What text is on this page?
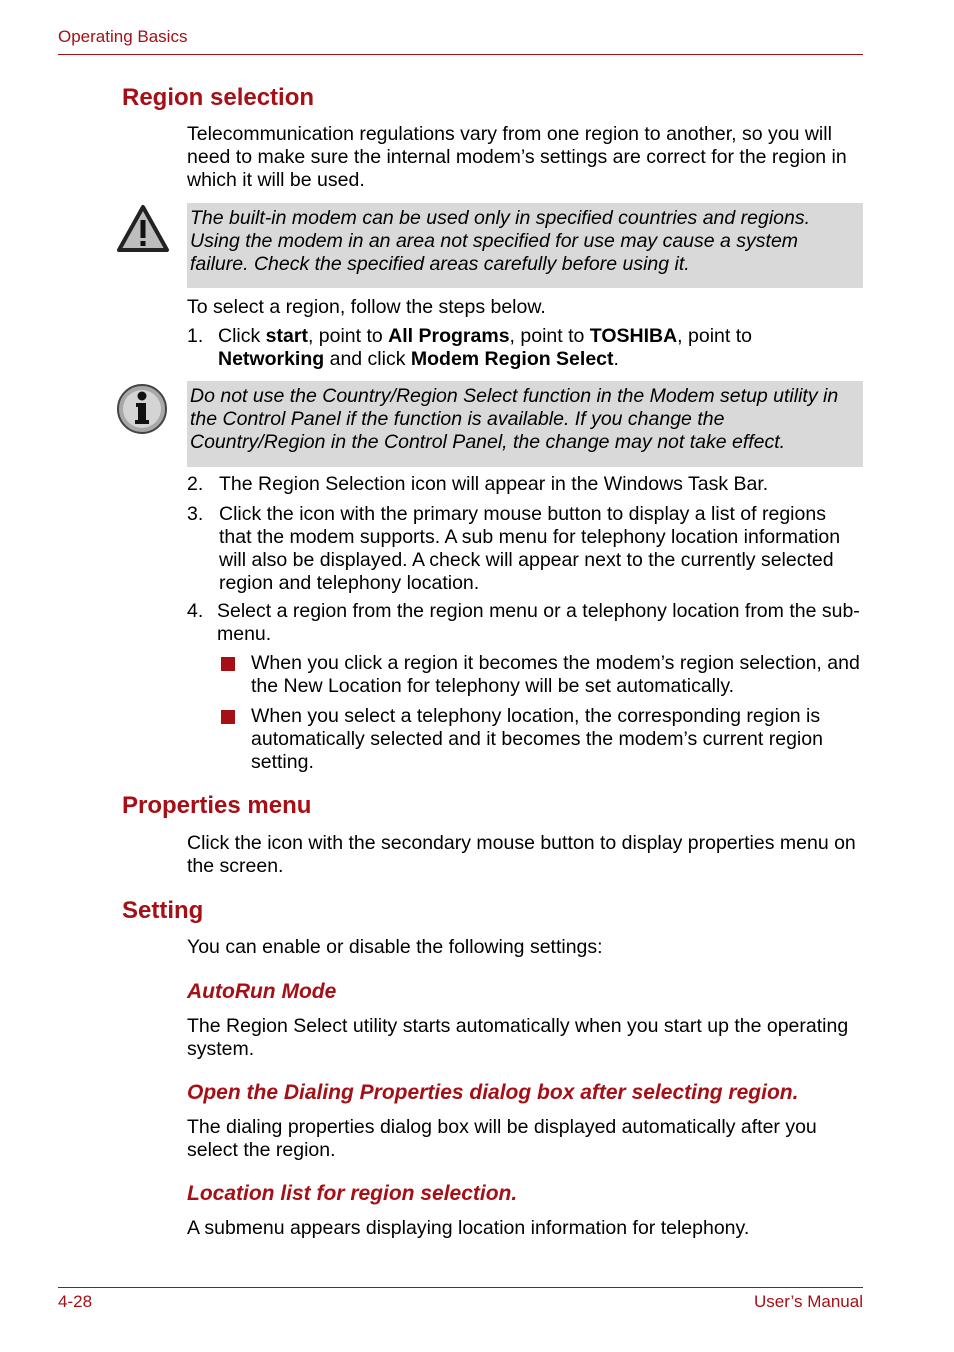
Operating Basics
Region selection
Telecommunication regulations vary from one region to another, so you will need to make sure the internal modem’s settings are correct for the region in which it will be used.
The built-in modem can be used only in specified countries and regions. Using the modem in an area not specified for use may cause a system failure. Check the specified areas carefully before using it.
To select a region, follow the steps below.
1. Click start, point to All Programs, point to TOSHIBA, point to
Networking and click Modem Region Select.
Do not use the Country/Region Select function in the Modem setup utility in the Control Panel if the function is available. If you change the Country/Region in the Control Panel, the change may not take effect.
2. The Region Selection icon will appear in the Windows Task Bar.
3. Click the icon with the primary mouse button to display a list of regions that the modem supports. A sub menu for telephony location information will also be displayed. A check will appear next to the currently selected region and telephony location.
4. Select a region from the region menu or a telephony location from the sub-menu.
When you click a region it becomes the modem’s region selection, and the New Location for telephony will be set automatically.
When you select a telephony location, the corresponding region is automatically selected and it becomes the modem’s current region setting.
Properties menu
Click the icon with the secondary mouse button to display properties menu on the screen.
Setting
You can enable or disable the following settings:
AutoRun Mode
The Region Select utility starts automatically when you start up the operating system.
Open the Dialing Properties dialog box after selecting region.
The dialing properties dialog box will be displayed automatically after you select the region.
Location list for region selection.
A submenu appears displaying location information for telephony.
4-28	User’s Manual
